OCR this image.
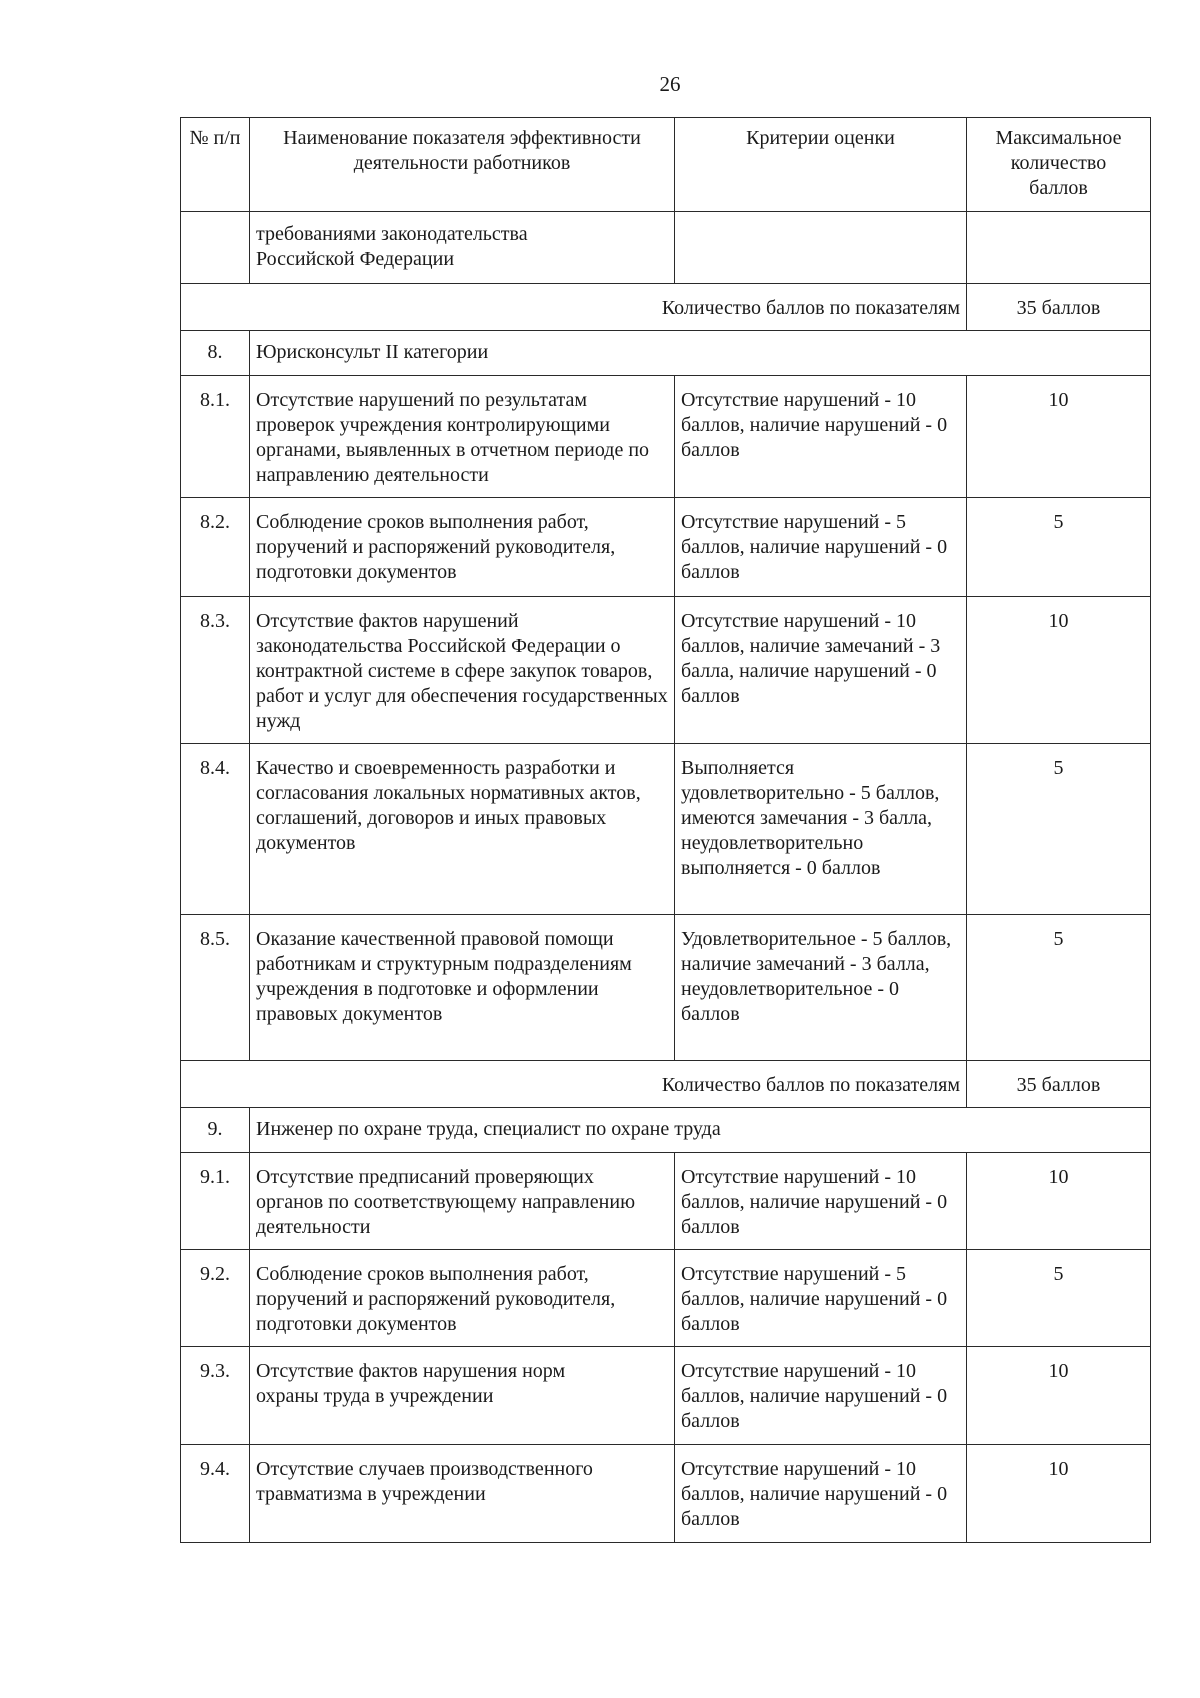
26
№ п/п	Наименование показателя эффективности деятельности работников	Критерии оценки	Максимальное количество баллов
	требованиями законодательства Российской Федерации		
Количество баллов по показателям			35 баллов
8.	Юрисконсульт II категории		
8.1.	Отсутствие нарушений по результатам проверок учреждения контролирующими органами, выявленных в отчетном периоде по направлению деятельности	Отсутствие нарушений - 10 баллов, наличие нарушений - 0 баллов	10
8.2.	Соблюдение сроков выполнения работ, поручений и распоряжений руководителя, подготовки документов	Отсутствие нарушений - 5 баллов, наличие нарушений - 0 баллов	5
8.3.	Отсутствие фактов нарушений законодательства Российской Федерации о контрактной системе в сфере закупок товаров, работ и услуг для обеспечения государственных нужд	Отсутствие нарушений - 10 баллов, наличие замечаний - 3 балла, наличие нарушений - 0 баллов	10
8.4.	Качество и своевременность разработки и согласования локальных нормативных актов, соглашений, договоров и иных правовых документов	Выполняется удовлетворительно - 5 баллов, имеются замечания - 3 балла, неудовлетворительно выполняется - 0 баллов	5
8.5.	Оказание качественной правовой помощи работникам и структурным подразделениям учреждения в подготовке и оформлении правовых документов	Удовлетворительное - 5 баллов, наличие замечаний - 3 балла, неудовлетворительное - 0 баллов	5
Количество баллов по показателям			35 баллов
9.	Инженер по охране труда, специалист по охране труда		
9.1.	Отсутствие предписаний проверяющих органов по соответствующему направлению деятельности	Отсутствие нарушений - 10 баллов, наличие нарушений - 0 баллов	10
9.2.	Соблюдение сроков выполнения работ, поручений и распоряжений руководителя, подготовки документов	Отсутствие нарушений - 5 баллов, наличие нарушений - 0 баллов	5
9.3.	Отсутствие фактов нарушения норм охраны труда в учреждении	Отсутствие нарушений - 10 баллов, наличие нарушений - 0 баллов	10
9.4.	Отсутствие случаев производственного травматизма в учреждении	Отсутствие нарушений - 10 баллов, наличие нарушений - 0 баллов	10
